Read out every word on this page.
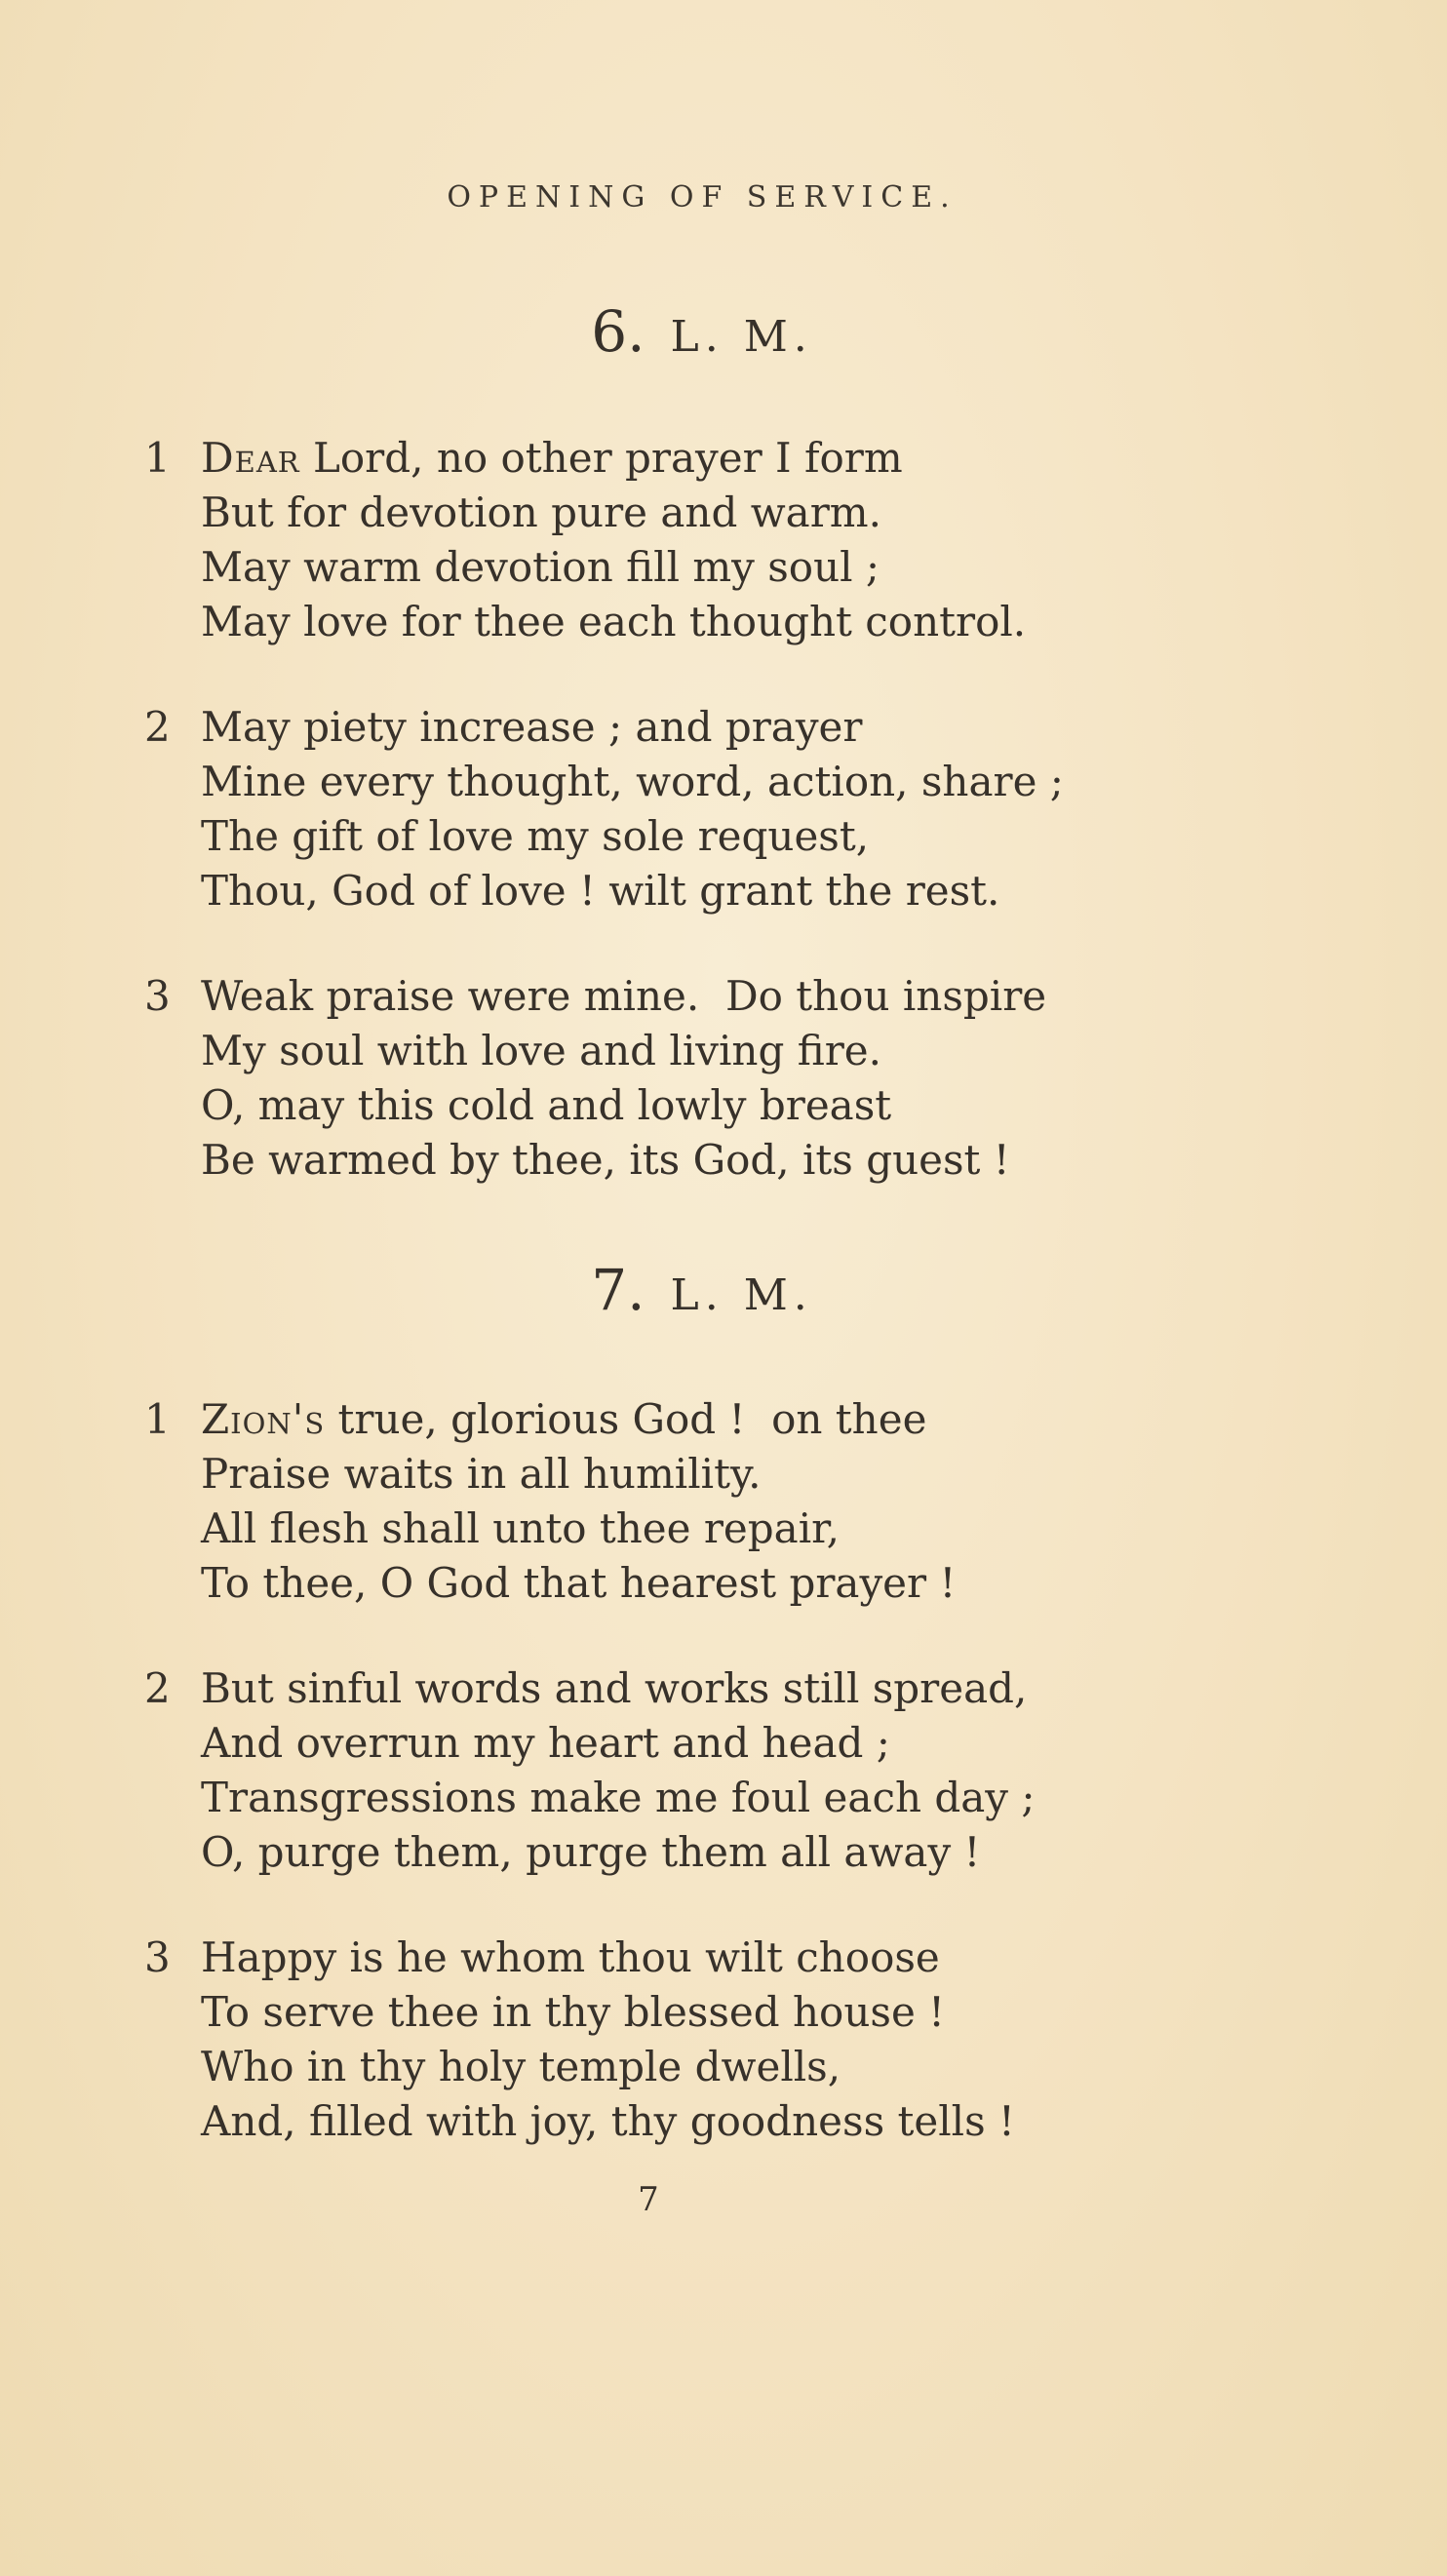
OPENING OF SERVICE.
6. L. M.
1 Dear Lord, no other prayer I form
But for devotion pure and warm.
May warm devotion fill my soul ;
May love for thee each thought control.
2 May piety increase ; and prayer
Mine every thought, word, action, share ;
The gift of love my sole request,
Thou, God of love ! wilt grant the rest.
3 Weak praise were mine.  Do thou inspire
My soul with love and living fire.
O, may this cold and lowly breast
Be warmed by thee, its God, its guest !
7. L. M.
1 Zion's true, glorious God !  on thee
Praise waits in all humility.
All flesh shall unto thee repair,
To thee, O God that hearest prayer !
2 But sinful words and works still spread,
And overrun my heart and head ;
Transgressions make me foul each day ;
O, purge them, purge them all away !
3 Happy is he whom thou wilt choose
To serve thee in thy blessed house !
Who in thy holy temple dwells,
And, filled with joy, thy goodness tells !
7
